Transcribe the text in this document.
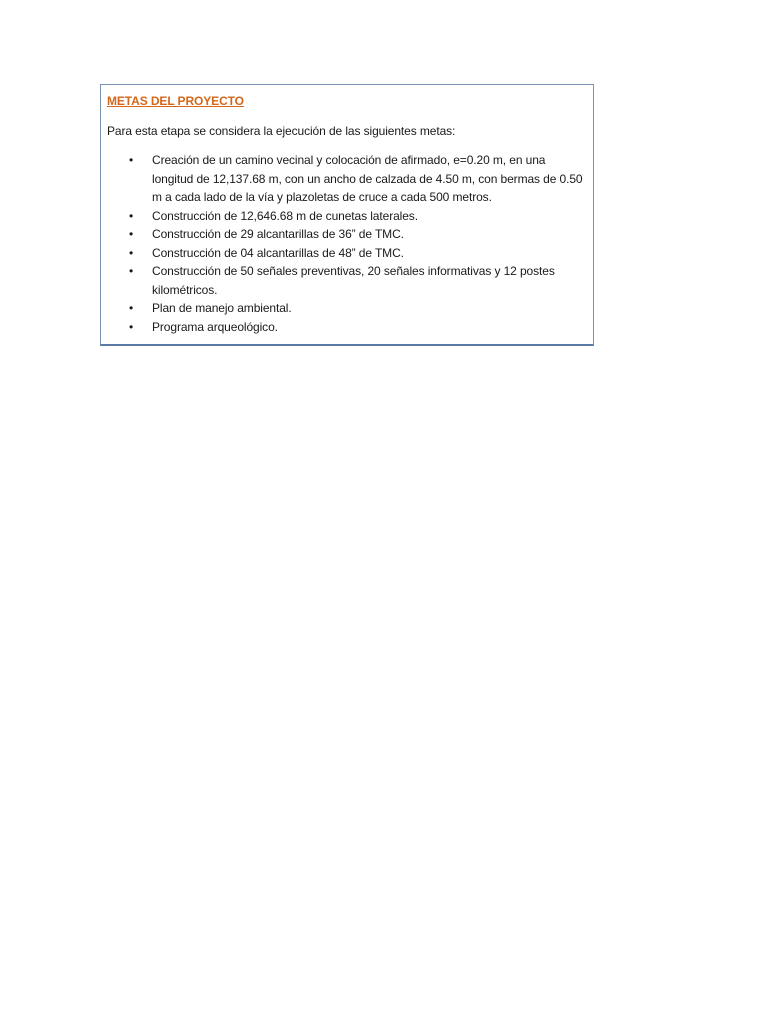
METAS DEL PROYECTO

Para esta etapa se considera la ejecución de las siguientes metas:

• Creación de un camino vecinal y colocación de afirmado, e=0.20 m, en una longitud de 12,137.68 m, con un ancho de calzada de 4.50 m, con bermas de 0.50 m a cada lado de la vía y plazoletas de cruce a cada 500 metros.
• Construcción de 12,646.68 m de cunetas laterales.
• Construcción de 29 alcantarillas de 36” de TMC.
• Construcción de 04 alcantarillas de 48” de TMC.
• Construcción de 50 señales preventivas, 20 señales informativas y 12 postes kilométricos.
• Plan de manejo ambiental.
• Programa arqueológico.
